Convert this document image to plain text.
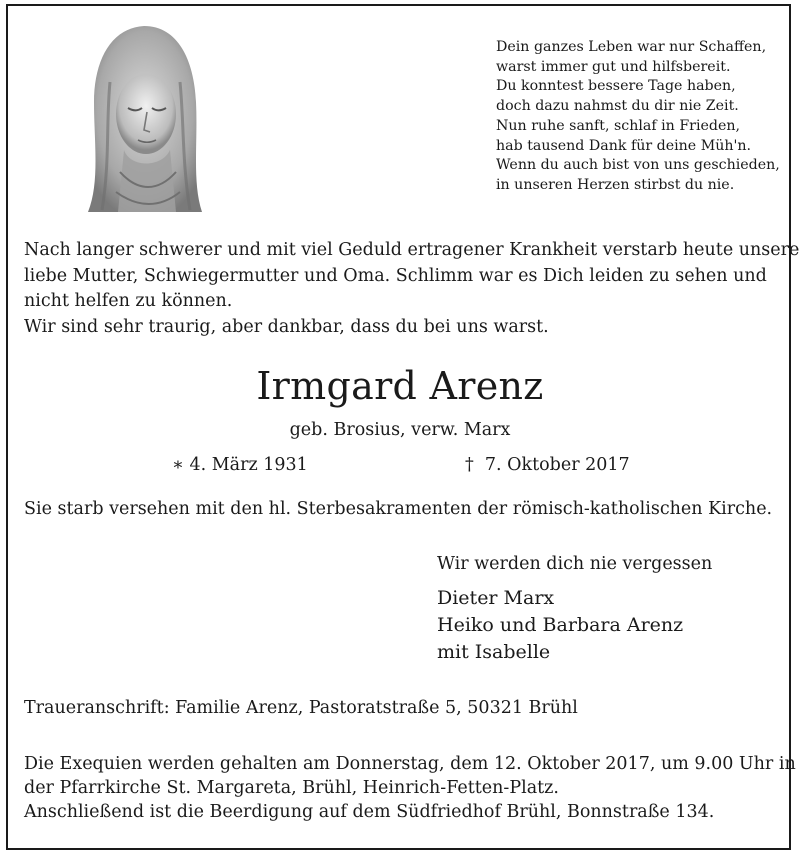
Dein ganzes Leben war nur Schaffen,
warst immer gut und hilfsbereit.
Du konntest bessere Tage haben,
doch dazu nahmst du dir nie Zeit.
Nun ruhe sanft, schlaf in Frieden,
hab tausend Dank für deine Müh'n.
Wenn du auch bist von uns geschieden,
in unseren Herzen stirbst du nie.
Nach langer schwerer und mit viel Geduld ertragener Krankheit verstarb heute unsere
liebe Mutter, Schwiegermutter und Oma. Schlimm war es Dich leiden zu sehen und
nicht helfen zu können.
Wir sind sehr traurig, aber dankbar, dass du bei uns warst.
Irmgard Arenz
geb. Brosius, verw. Marx
∗ 4. März 1931	† 7. Oktober 2017
Sie starb versehen mit den hl. Sterbesakramenten der römisch-katholischen Kirche.
Wir werden dich nie vergessen
Dieter Marx
Heiko und Barbara Arenz
mit Isabelle
Traueranschrift: Familie Arenz, Pastoratstraße 5, 50321 Brühl
Die Exequien werden gehalten am Donnerstag, dem 12. Oktober 2017, um 9.00 Uhr in
der Pfarrkirche St. Margareta, Brühl, Heinrich-Fetten-Platz.
Anschließend ist die Beerdigung auf dem Südfriedhof Brühl, Bonnstraße 134.
